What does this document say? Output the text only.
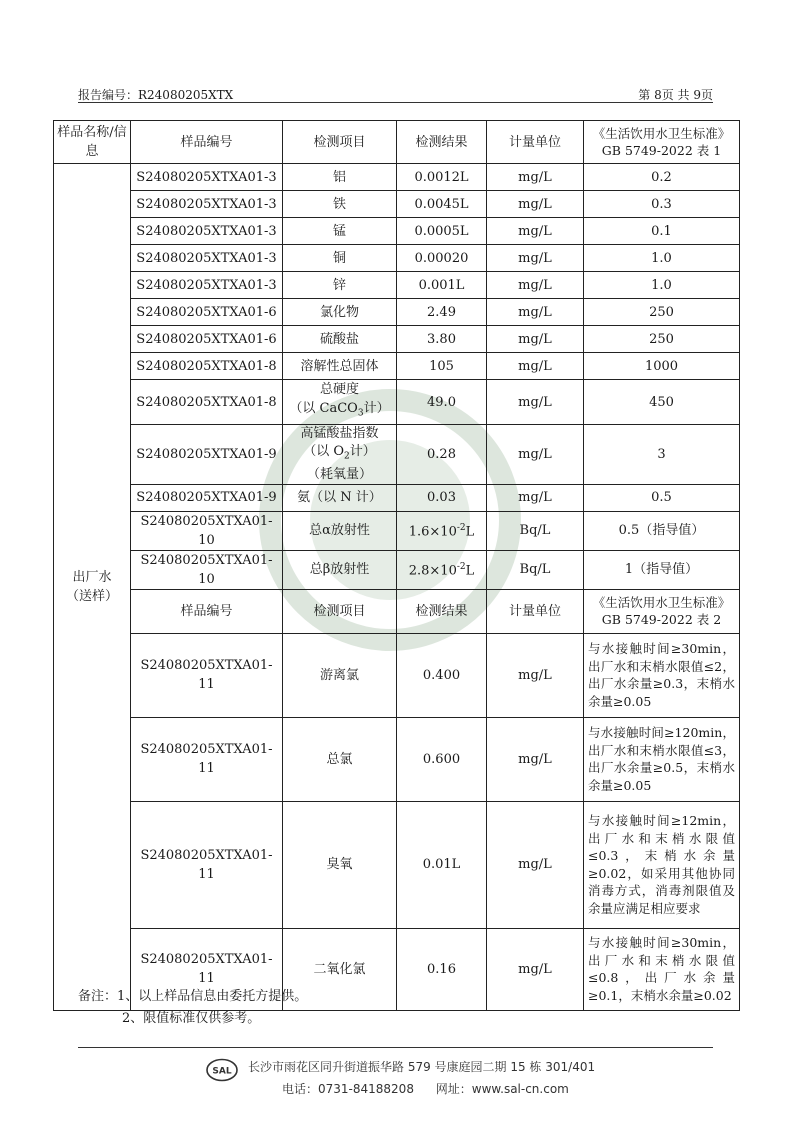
报告编号：R24080205XTX	第 8页 共 9页
样品名称/信息	样品编号	检测项目	检测结果	计量单位	《生活饮用水卫生标准》
GB 5749-2022 表 1

出厂水
（送样）	S24080205XTXA01-3	铝	0.0012L	mg/L	0.2
	S24080205XTXA01-3	铁	0.0045L	mg/L	0.3
	S24080205XTXA01-3	锰	0.0005L	mg/L	0.1
	S24080205XTXA01-3	铜	0.00020	mg/L	1.0
	S24080205XTXA01-3	锌	0.001L	mg/L	1.0
	S24080205XTXA01-6	氯化物	2.49	mg/L	250
	S24080205XTXA01-6	硫酸盐	3.80	mg/L	250
	S24080205XTXA01-8	溶解性总固体	105	mg/L	1000
	S24080205XTXA01-8	总硬度
（以 CaCO$_3$计）	49.0	mg/L	450
	S24080205XTXA01-9	高锰酸盐指数
（以 $O_2$计）
（耗氧量）	0.28	mg/L	3
	S24080205XTXA01-9	氨（以 N 计）	0.03	mg/L	0.5
	S24080205XTXA01-10	总α放射性	$1.6\times 10^{-2}L$	Bq/L	0.5（指导值）
	S24080205XTXA01-10	总β放射性	$2.8\times 10^{-2}L$	Bq/L	1（指导值）
	样品编号	检测项目	检测结果	计量单位	《生活饮用水卫生标准》
GB 5749-2022 表 2

	S24080205XTXA01-11	游离氯	0.400	mg/L	与水接触时间≥30min，出厂水和末梢水限值≤2，出厂水余量≥0.3，末梢水余量≥0.05
	S24080205XTXA01-11	总氯	0.600	mg/L	与水接触时间≥120min，出厂水和末梢水限值≤3，出厂水余量≥0.5，末梢水余量≥0.05
	S24080205XTXA01-11	臭氧	0.01L	mg/L	与水接触时间≥12min，出厂水和末梢水限值≤0.3，末梢水余量≥0.02，如采用其他协同消毒方式，消毒剂限值及余量应满足相应要求
	S24080205XTXA01-11	二氧化氯	0.16	mg/L	与水接触时间≥30min，出厂水和末梢水限值≤0.8，出厂水余量≥0.1，末梢水余量≥0.02
备注：1、以上样品信息由委托方提供。
2、限值标准仅供参考。
SAL 长沙市雨花区同升街道振华路 579 号康庭园二期 15 栋 301/401
电话：0731-84188208 网址：www.sal-cn.com
